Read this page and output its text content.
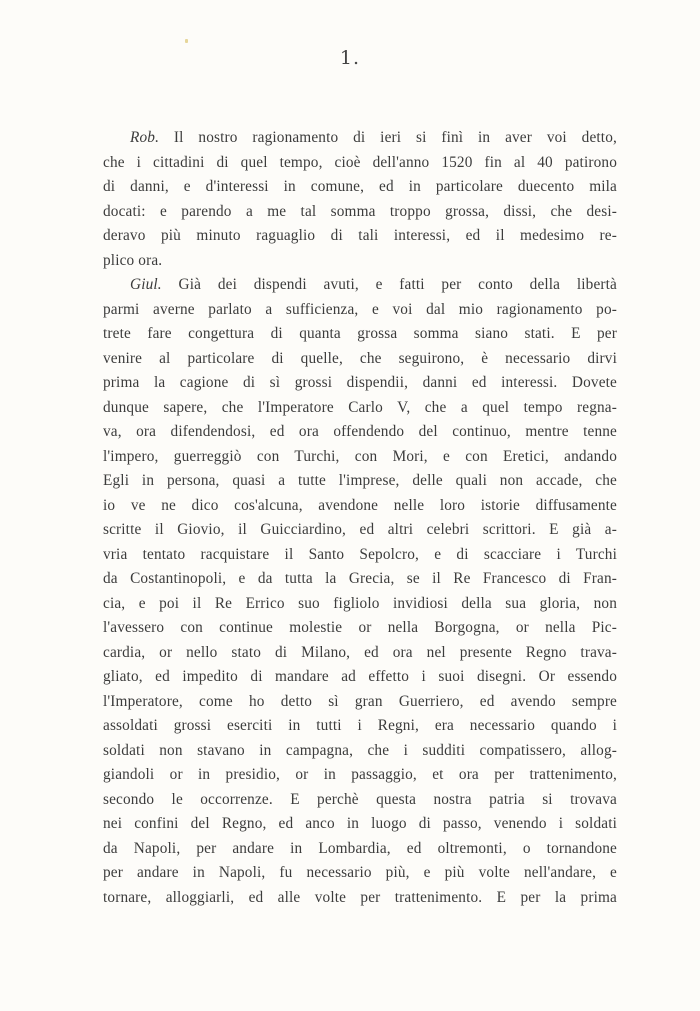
1.
Rob. Il nostro ragionamento di ieri si finì in aver voi detto,
che i cittadini di quel tempo, cioè dell'anno 1520 fin al 40 patirono
di danni, e d'interessi in comune, ed in particolare duecento mila
docati: e parendo a me tal somma troppo grossa, dissi, che desi-
deravo più minuto raguaglio di tali interessi, ed il medesimo re-
plico ora.
Giul. Già dei dispendi avuti, e fatti per conto della libertà
parmi averne parlato a sufficienza, e voi dal mio ragionamento po-
trete fare congettura di quanta grossa somma siano stati. E per
venire al particolare di quelle, che seguirono, è necessario dirvi
prima la cagione di sì grossi dispendii, danni ed interessi. Dovete
dunque sapere, che l'Imperatore Carlo V, che a quel tempo regna-
va, ora difendendosi, ed ora offendendo del continuo, mentre tenne
l'impero, guerreggiò con Turchi, con Mori, e con Eretici, andando
Egli in persona, quasi a tutte l'imprese, delle quali non accade, che
io ve ne dico cos'alcuna, avendone nelle loro istorie diffusamente
scritte il Giovio, il Guicciardino, ed altri celebri scrittori. E già a-
vria tentato racquistare il Santo Sepolcro, e di scacciare i Turchi
da Costantinopoli, e da tutta la Grecia, se il Re Francesco di Fran-
cia, e poi il Re Errico suo figliolo invidiosi della sua gloria, non
l'avessero con continue molestie or nella Borgogna, or nella Pic-
cardia, or nello stato di Milano, ed ora nel presente Regno trava-
gliato, ed impedito di mandare ad effetto i suoi disegni. Or essendo
l'Imperatore, come ho detto sì gran Guerriero, ed avendo sempre
assoldati grossi eserciti in tutti i Regni, era necessario quando i
soldati non stavano in campagna, che i sudditi compatissero, allog-
giandoli or in presidio, or in passaggio, et ora per trattenimento,
secondo le occorrenze. E perchè questa nostra patria si trovava
nei confini del Regno, ed anco in luogo di passo, venendo i soldati
da Napoli, per andare in Lombardia, ed oltremonti, o tornandone
per andare in Napoli, fu necessario più, e più volte nell'andare, e
tornare, alloggiarli, ed alle volte per trattenimento. E per la prima
